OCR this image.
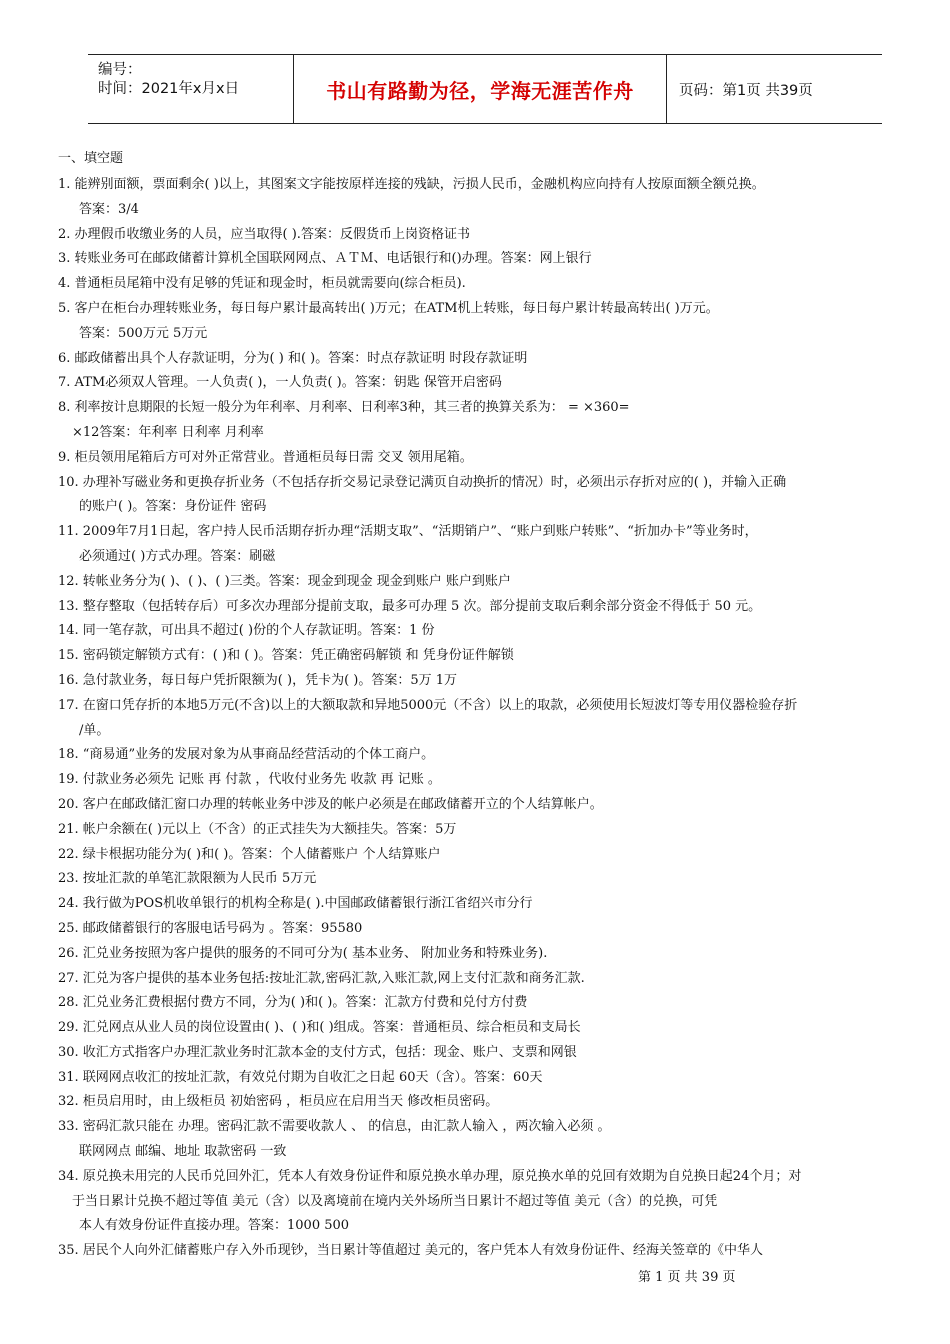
编号：
时间：2021年x月x日	书山有路勤为径，学海无涯苦作舟	页码：第1页 共39页
一、填空题
1. 能辨别面额，票面剩余( )以上，其图案文字能按原样连接的残缺，污损人民币，金融机构应向持有人按原面额全额兑换。
答案：3/4
2. 办理假币收缴业务的人员，应当取得( ).答案：反假货币上岗资格证书
3. 转账业务可在邮政储蓄计算机全国联网网点、ＡＴＭ、电话银行和()办理。答案：网上银行
4. 普通柜员尾箱中没有足够的凭证和现金时，柜员就需要向(综合柜员).
5. 客户在柜台办理转账业务，每日每户累计最高转出( )万元；在ATM机上转账，每日每户累计转最高转出( )万元。
答案：500万元 5万元
6. 邮政储蓄出具个人存款证明，分为( ) 和( )。答案：时点存款证明 时段存款证明
7. ATM必须双人管理。一人负责( )，一人负责( )。答案：钥匙 保管开启密码
8. 利率按计息期限的长短一般分为年利率、月利率、日利率3种，其三者的换算关系为： = ×360=
×12答案：年利率 日利率 月利率
9. 柜员领用尾箱后方可对外正常营业。普通柜员每日需 交叉 领用尾箱。
10. 办理补写磁业务和更换存折业务（不包括存折交易记录登记满页自动换折的情况）时，必须出示存折对应的( )，并输入正确
的账户( )。答案：身份证件 密码
11. 2009年7月1日起，客户持人民币活期存折办理“活期支取”、“活期销户”、“账户到账户转账”、“折加办卡”等业务时，
必须通过( )方式办理。答案：刷磁
12. 转帐业务分为( )、( )、( )三类。答案：现金到现金 现金到账户 账户到账户
13. 整存整取（包括转存后）可多次办理部分提前支取，最多可办理 5 次。部分提前支取后剩余部分资金不得低于 50 元。
14. 同一笔存款，可出具不超过( )份的个人存款证明。答案：1 份
15. 密码锁定解锁方式有：( )和 ( )。答案：凭正确密码解锁 和 凭身份证件解锁
16. 急付款业务，每日每户凭折限额为( )，凭卡为( )。答案：5万 1万
17. 在窗口凭存折的本地5万元(不含)以上的大额取款和异地5000元（不含）以上的取款，必须使用长短波灯等专用仪器检验存折
/单。
18. “商易通”业务的发展对象为从事商品经营活动的个体工商户。
19. 付款业务必须先 记账 再 付款 ，代收付业务先 收款 再 记账 。
20. 客户在邮政储汇窗口办理的转帐业务中涉及的帐户必须是在邮政储蓄开立的个人结算帐户。
21. 帐户余额在( )元以上（不含）的正式挂失为大额挂失。答案：5万
22. 绿卡根据功能分为( )和( )。答案：个人储蓄账户 个人结算账户
23. 按址汇款的单笔汇款限额为人民币 5万元
24. 我行做为POS机收单银行的机构全称是( ).中国邮政储蓄银行浙江省绍兴市分行
25. 邮政储蓄银行的客服电话号码为 。答案：95580
26. 汇兑业务按照为客户提供的服务的不同可分为( 基本业务、 附加业务和特殊业务).
27. 汇兑为客户提供的基本业务包括:按址汇款,密码汇款,入账汇款,网上支付汇款和商务汇款.
28. 汇兑业务汇费根据付费方不同，分为( )和( )。答案：汇款方付费和兑付方付费
29. 汇兑网点从业人员的岗位设置由( )、( )和( )组成。答案：普通柜员、综合柜员和支局长
30. 收汇方式指客户办理汇款业务时汇款本金的支付方式，包括：现金、账户、支票和网银
31. 联网网点收汇的按址汇款，有效兑付期为自收汇之日起 60天（含）。答案：60天
32. 柜员启用时，由上级柜员 初始密码 ，柜员应在启用当天 修改柜员密码。
33. 密码汇款只能在 办理。密码汇款不需要收款人 、 的信息，由汇款人输入 ，两次输入必须 。
联网网点 邮编、地址 取款密码 一致
34. 原兑换未用完的人民币兑回外汇，凭本人有效身份证件和原兑换水单办理，原兑换水单的兑回有效期为自兑换日起24个月；对
于当日累计兑换不超过等值 美元（含）以及离境前在境内关外场所当日累计不超过等值 美元（含）的兑换，可凭
本人有效身份证件直接办理。答案：1000 500
35. 居民个人向外汇储蓄账户存入外币现钞，当日累计等值超过 美元的，客户凭本人有效身份证件、经海关签章的《中华人
第 1 页 共 39 页
